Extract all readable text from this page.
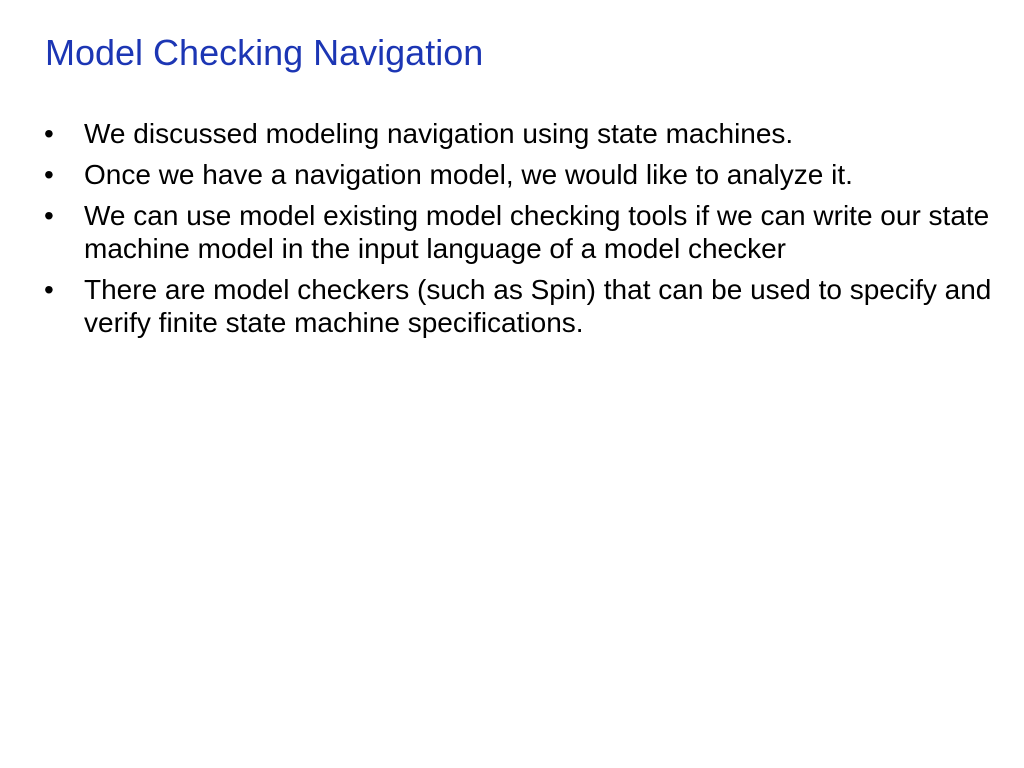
Model Checking Navigation
•	We discussed modeling navigation using state machines.
•	Once we have a navigation model, we would like to analyze it.
•	We can use model existing model checking tools if we can write our state machine model in the input language of a model checker
•	There are model checkers (such as Spin) that can be used to specify and verify finite state machine specifications.
